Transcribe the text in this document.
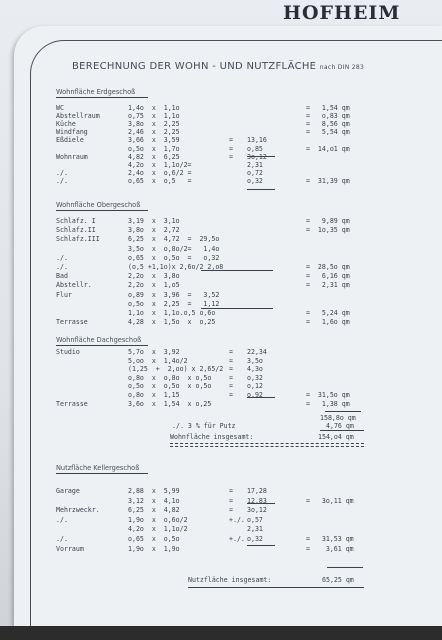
HOFHEIM
BERECHNUNG DER WOHN - UND NUTZFLÄCHE nach DIN 283
Wohnfläche Erdgeschoß
WC	1,4o  x  1,1o	=   1,54 qm
Abstellraum	o,75  x  1,1o	=   o,83 qm
Küche	3,8o  x  2,25	=   8,56 qm
Windfang	2,46  x  2,25	=   5,54 qm
Eßdiele	3,66  x  3,59	= 13,16
o,5o  x  1,7o	= o,85	=  14,o1 qm
Wohnraum	4,82  x  6,25	= 3o,12
4,2o  x  1,1o/2=	2,31
./.	2,4o  x  o,6/2 =	o,72
./.	o,65  x  o,5   =	o,32	=  31,39 qm
Wohnfläche Obergeschoß
Schlafz. I	3,19  x  3,1o	=   9,89 qm
Schlafz.II	3,8o  x  2,72	=  1o,35 qm
Schlafz.III	6,25  x  4,72  =  29,5o
3,5o  x  o,8o/2=   1,4o
./.	o,65  x  o,5o  =   o,32
./.	(o,5 +1,1o)x 2,6o/2 2,o8	=  28,5o qm
Bad	2,2o  x  3,8o	=   6,16 qm
Abstellr.	2,2o  x  1,o5	=   2,31 qm
Flur	o,89  x  3,96  =   3,52
o,5o  x  2,25  =   1,12
1,1o  x  1,1o.o,5 o,6o	=   5,24 qm
Terrasse	4,28  x  1,5o  x  o,25	=   1,6o qm
Wohnfläche Dachgeschoß
Studio	5,7o  x  3,92	= 22,34
5,oo  x  1,4o/2	= 3,5o
(1,25  +  2,oo) x 2,65/2 = 4,3o
o,8o  x  o,8o  x o,5o	= o,32
o,5o  x  o,5o  x o,5o	= o,12
o,8o  x  1,15	= o,92	=  31,5o qm
Terrasse	3,6o  x  1,54  x o,25	=   1,38 qm
158,8o qm
./. 3 % für Putz	4,76 qm
Wohnfläche insgesamt:	154,o4 qm
Nutzfläche Kellergeschoß
Garage	2,88  x  5,99	= 17,28
3,12  x  4,1o	= 12,83	=   3o,11 qm
Mehrzweckr.	6,25  x  4,82	= 3o,12
./.	1,9o  x  o,6o/2	+./. o,57
4,2o  x  1,1o/2	2,31
./.	o,65  x  o,5o	+./. o,32	=   31,53 qm
Vorraum	1,9o  x  1,9o	=    3,61 qm
Nutzfläche insgesamt:	65,25 qm
